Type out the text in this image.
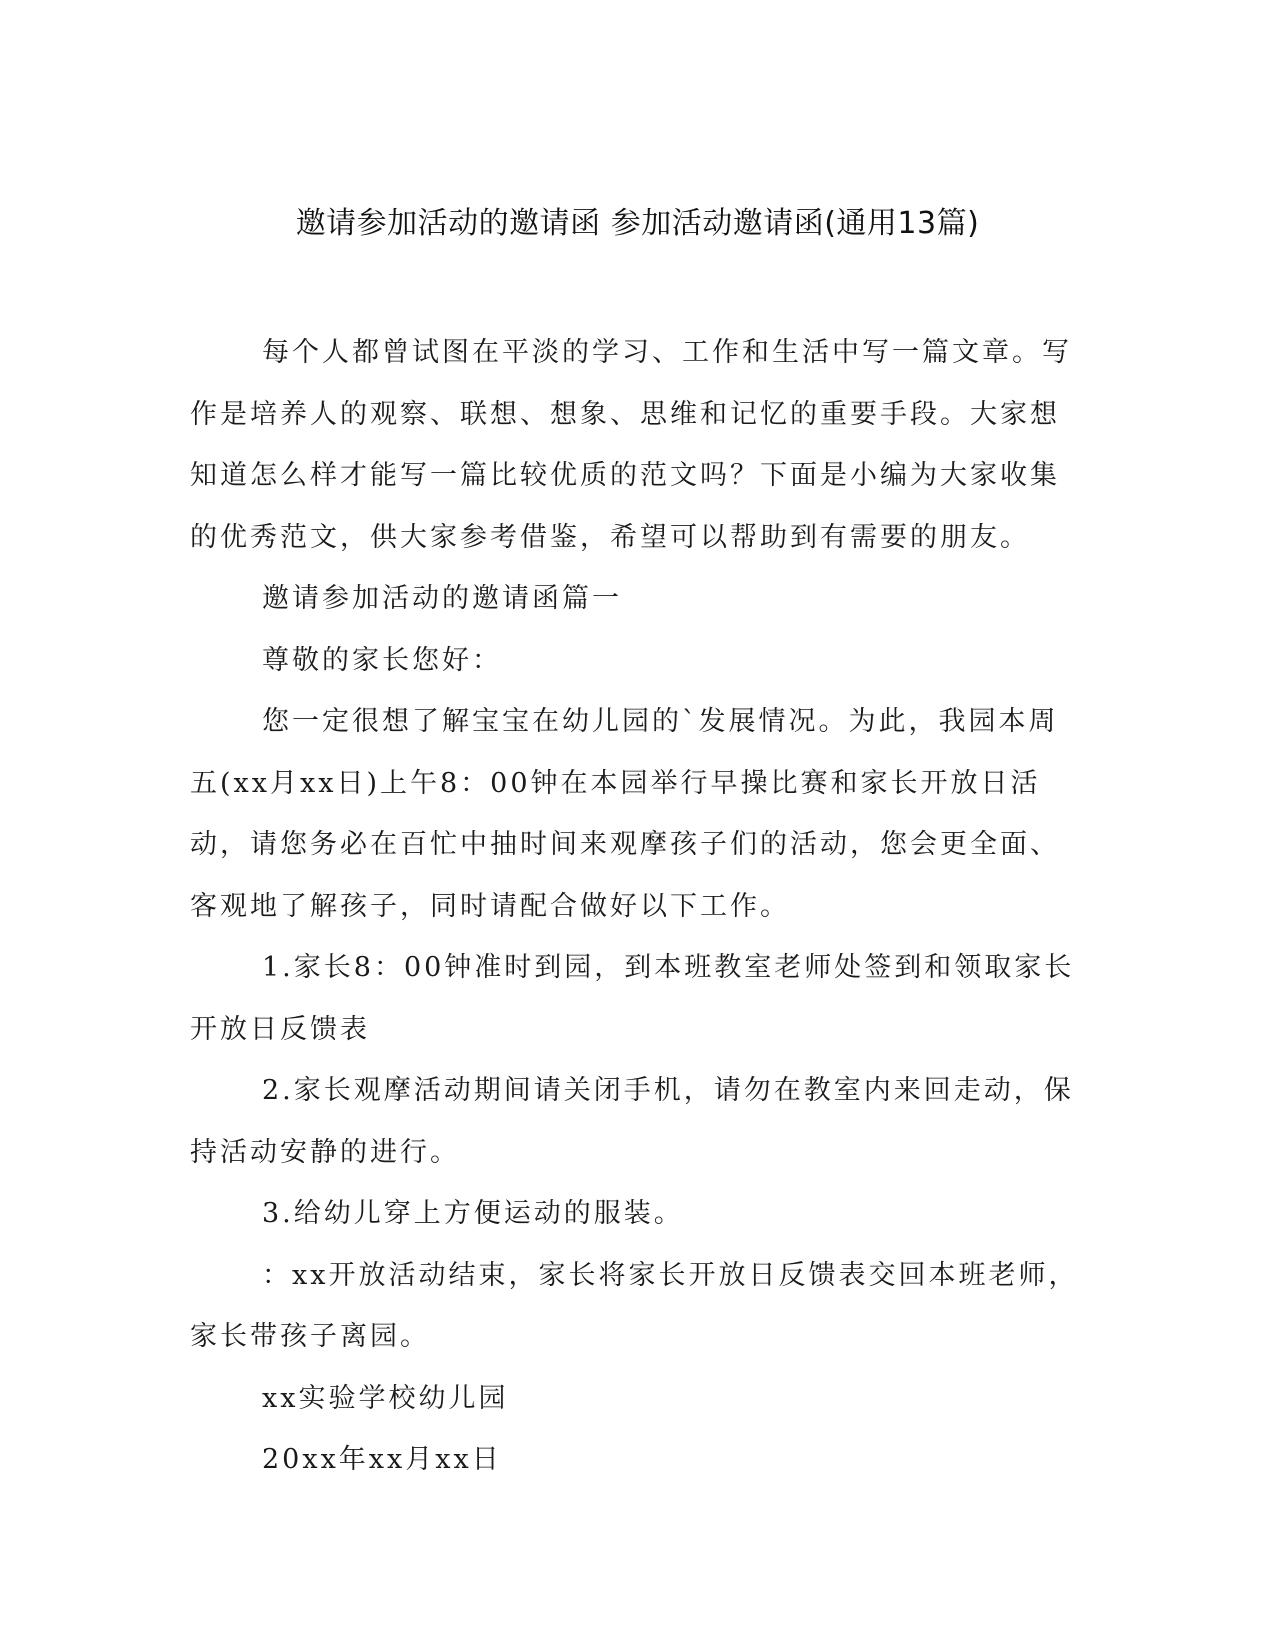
邀请参加活动的邀请函 参加活动邀请函(通用13篇)

每个人都曾试图在平淡的学习、工作和生活中写一篇文章。写作是培养人的观察、联想、想象、思维和记忆的重要手段。大家想知道怎么样才能写一篇比较优质的范文吗？下面是小编为大家收集的优秀范文，供大家参考借鉴，希望可以帮助到有需要的朋友。

邀请参加活动的邀请函篇一

尊敬的家长您好：

您一定很想了解宝宝在幼儿园的`发展情况。为此，我园本周五(xx月xx日)上午8：00钟在本园举行早操比赛和家长开放日活动，请您务必在百忙中抽时间来观摩孩子们的活动，您会更全面、客观地了解孩子，同时请配合做好以下工作。

1.家长8：00钟准时到园，到本班教室老师处签到和领取家长开放日反馈表

2.家长观摩活动期间请关闭手机，请勿在教室内来回走动，保持活动安静的进行。

3.给幼儿穿上方便运动的服装。

：xx开放活动结束，家长将家长开放日反馈表交回本班老师，家长带孩子离园。

xx实验学校幼儿园

20xx年xx月xx日
